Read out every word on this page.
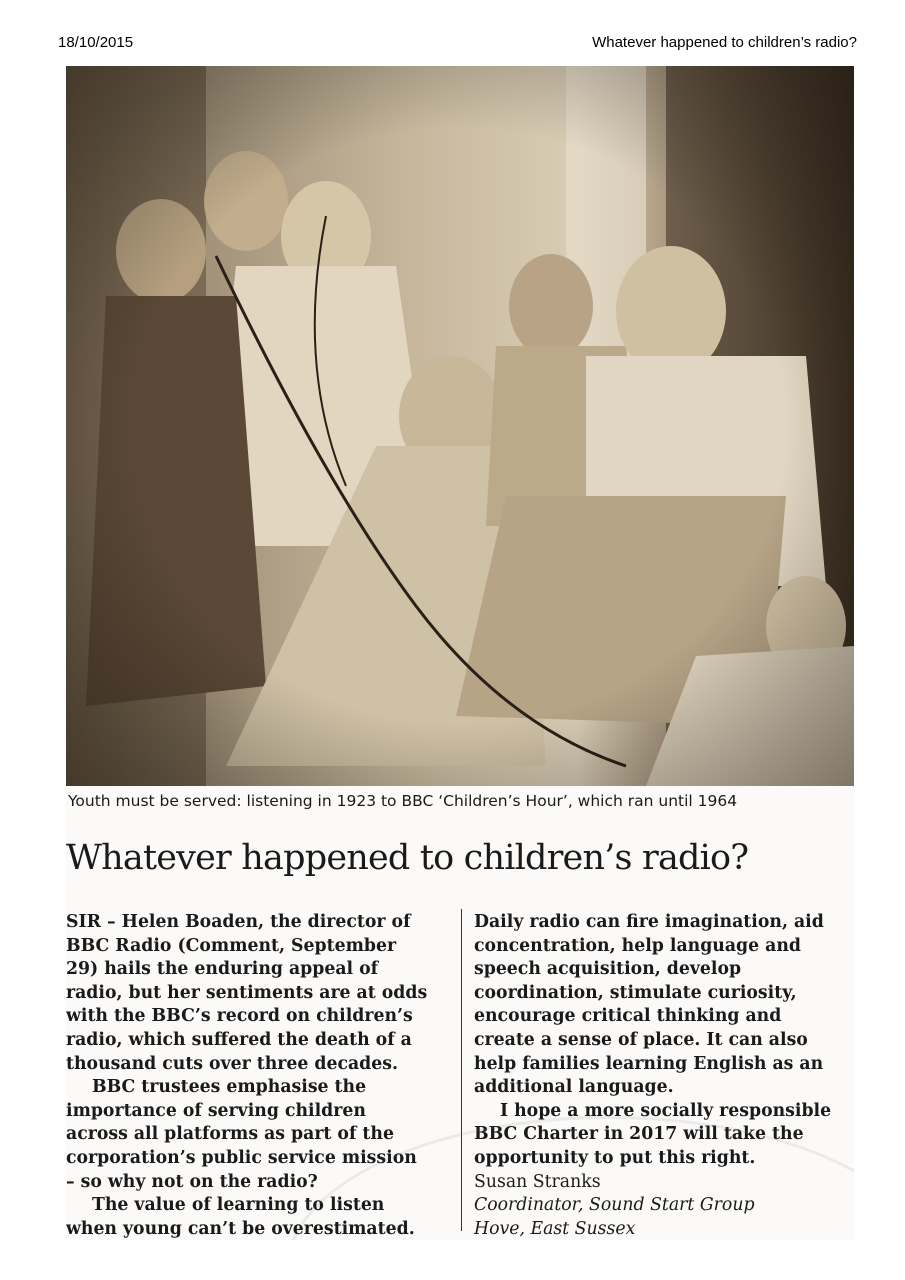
18/10/2015	Whatever happened to children’s radio?
Youth must be served: listening in 1923 to BBC ‘Children’s Hour’, which ran until 1964
Whatever happened to children’s radio?

SIR – Helen Boaden, the director of
BBC Radio (Comment, September
29) hails the enduring appeal of
radio, but her sentiments are at odds
with the BBC’s record on children’s
radio, which suffered the death of a
thousand cuts over three decades.

BBC trustees emphasise the
importance of serving children
across all platforms as part of the
corporation’s public service mission
– so why not on the radio?

The value of learning to listen
when young can’t be overestimated.

Daily radio can fire imagination, aid
concentration, help language and
speech acquisition, develop
coordination, stimulate curiosity,
encourage critical thinking and
create a sense of place. It can also
help families learning English as an
additional language.

I hope a more socially responsible
BBC Charter in 2017 will take the
opportunity to put this right.

Susan Stranks

Coordinator, Sound Start Group

Hove, East Sussex
